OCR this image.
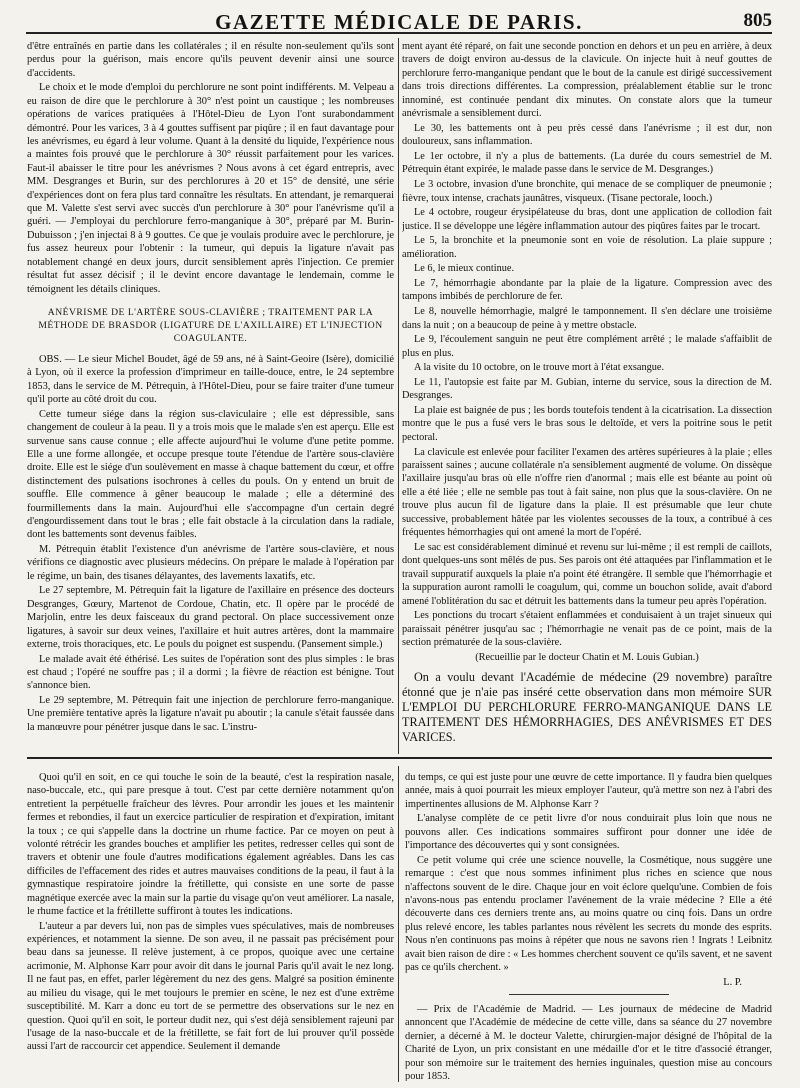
GAZETTE MÉDICALE DE PARIS.	805

d'être entraînés en partie dans les collatérales ; il en résulte non-seulement qu'ils sont perdus pour la guérison, mais encore qu'ils peuvent devenir ainsi une source d'accidents.

Le choix et le mode d'emploi du perchlorure ne sont point indifférents. M. Velpeau a eu raison de dire que le perchlorure à 30° n'est point un caustique ; les nombreuses opérations de varices pratiquées à l'Hôtel-Dieu de Lyon l'ont surabondamment démontré. Pour les varices, 3 à 4 gouttes suffisent par piqûre ; il en faut davantage pour les anévrismes, eu égard à leur volume. Quant à la densité du liquide, l'expérience nous a maintes fois prouvé que le perchlorure à 30° réussit parfaitement pour les varices. Faut-il abaisser le titre pour les anévrismes ? Nous avons à cet égard entrepris, avec MM. Desgranges et Burin, sur des perchlorures à 20 et 15° de densité, une série d'expériences dont on fera plus tard connaître les résultats. En attendant, je remarquerai que M. Valette s'est servi avec succès d'un perchlorure à 30° pour l'anévrisme qu'il a guéri. — J'employai du perchlorure ferro-manganique à 30°, préparé par M. Burin-Dubuisson ; j'en injectai 8 à 9 gouttes. Ce que je voulais produire avec le perchlorure, je fus assez heureux pour l'obtenir : la tumeur, qui depuis la ligature n'avait pas notablement changé en deux jours, durcit sensiblement après l'injection. Ce premier résultat fut assez décisif ; il le devint encore davantage le lendemain, comme le témoignent les détails cliniques.

ANÉVRISME DE L'ARTÈRE SOUS-CLAVIÈRE ; TRAITEMENT PAR LA MÉTHODE DE BRASDOR (LIGATURE DE L'AXILLAIRE) ET L'INJECTION COAGULANTE.

OBS. — Le sieur Michel Boudet, âgé de 59 ans, né à Saint-Geoire (Isère), domicilié à Lyon, où il exerce la profession d'imprimeur en taille-douce, entre, le 24 septembre 1853, dans le service de M. Pétrequin, à l'Hôtel-Dieu, pour se faire traiter d'une tumeur qu'il porte au côté droit du cou.

Cette tumeur siége dans la région sus-claviculaire ; elle est dépressible, sans changement de couleur à la peau. Il y a trois mois que le malade s'en est aperçu. Elle est survenue sans cause connue ; elle affecte aujourd'hui le volume d'une petite pomme. Elle a une forme allongée, et occupe presque toute l'étendue de l'artère sous-clavière droite. Elle est le siége d'un soulèvement en masse à chaque battement du cœur, et offre distinctement des pulsations isochrones à celles du pouls. On y entend un bruit de souffle. Elle commence à gêner beaucoup le malade ; elle a déterminé des fourmillements dans la main. Aujourd'hui elle s'accompagne d'un certain degré d'engourdissement dans tout le bras ; elle fait obstacle à la circulation dans la radiale, dont les battements sont devenus faibles.

M. Pétrequin établit l'existence d'un anévrisme de l'artère sous-clavière, et nous vérifions ce diagnostic avec plusieurs médecins. On prépare le malade à l'opération par le régime, un bain, des tisanes délayantes, des lavements laxatifs, etc.

Le 27 septembre, M. Pétrequin fait la ligature de l'axillaire en présence des docteurs Desgranges, Gœury, Martenot de Cordoue, Chatin, etc. Il opère par le procédé de Marjolin, entre les deux faisceaux du grand pectoral. On place successivement onze ligatures, à savoir sur deux veines, l'axillaire et huit autres artères, dont la mammaire externe, trois thoraciques, etc. Le pouls du poignet est suspendu. (Pansement simple.)

Le malade avait été éthérisé. Les suites de l'opération sont des plus simples : le bras est chaud ; l'opéré ne souffre pas ; il a dormi ; la fièvre de réaction est bénigne. Tout s'annonce bien.

Le 29 septembre, M. Pétrequin fait une injection de perchlorure ferro-manganique. Une première tentative après la ligature n'avait pu aboutir ; la canule s'était faussée dans la manœuvre pour pénétrer jusque dans le sac. L'instru-

ment ayant été réparé, on fait une seconde ponction en dehors et un peu en arrière, à deux travers de doigt environ au-dessus de la clavicule. On injecte huit à neuf gouttes de perchlorure ferro-manganique pendant que le bout de la canule est dirigé successivement dans trois directions différentes. La compression, préalablement établie sur le tronc innominé, est continuée pendant dix minutes. On constate alors que la tumeur anévrismale a sensiblement durci.

Le 30, les battements ont à peu près cessé dans l'anévrisme ; il est dur, non douloureux, sans inflammation.

Le 1er octobre, il n'y a plus de battements. (La durée du cours semestriel de M. Pétrequin étant expirée, le malade passe dans le service de M. Desgranges.)

Le 3 octobre, invasion d'une bronchite, qui menace de se compliquer de pneumonie ; fièvre, toux intense, crachats jaunâtres, visqueux. (Tisane pectorale, looch.)

Le 4 octobre, rougeur érysipélateuse du bras, dont une application de collodion fait justice. Il se développe une légère inflammation autour des piqûres faites par le trocart.

Le 5, la bronchite et la pneumonie sont en voie de résolution. La plaie suppure ; amélioration.

Le 6, le mieux continue.

Le 7, hémorrhagie abondante par la plaie de la ligature. Compression avec des tampons imbibés de perchlorure de fer.

Le 8, nouvelle hémorrhagie, malgré le tamponnement. Il s'en déclare une troisième dans la nuit ; on a beaucoup de peine à y mettre obstacle.

Le 9, l'écoulement sanguin ne peut être complément arrêté ; le malade s'affaiblit de plus en plus.

A la visite du 10 octobre, on le trouve mort à l'état exsangue.

Le 11, l'autopsie est faite par M. Gubian, interne du service, sous la direction de M. Desgranges.

La plaie est baignée de pus ; les bords toutefois tendent à la cicatrisation. La dissection montre que le pus a fusé vers le bras sous le deltoïde, et vers la poitrine sous le petit pectoral.

La clavicule est enlevée pour faciliter l'examen des artères supérieures à la plaie ; elles paraissent saines ; aucune collatérale n'a sensiblement augmenté de volume. On dissèque l'axillaire jusqu'au bras où elle n'offre rien d'anormal ; mais elle est béante au point où elle a été liée ; elle ne semble pas tout à fait saine, non plus que la sous-clavière. On ne trouve plus aucun fil de ligature dans la plaie. Il est présumable que leur chute successive, probablement hâtée par les violentes secousses de la toux, a contribué à ces fréquentes hémorrhagies qui ont amené la mort de l'opéré.

Le sac est considérablement diminué et revenu sur lui-même ; il est rempli de caillots, dont quelques-uns sont mêlés de pus. Ses parois ont été attaquées par l'inflammation et le travail suppuratif auxquels la plaie n'a point été étrangère. Il semble que l'hémorrhagie et la suppuration auront ramolli le coagulum, qui, comme un bouchon solide, avait d'abord amené l'oblitération du sac et détruit les battements dans la tumeur peu après l'opération.

Les ponctions du trocart s'étaient enflammées et conduisaient à un trajet sinueux qui paraissait pénétrer jusqu'au sac ; l'hémorrhagie ne venait pas de ce point, mais de la section prématurée de la sous-clavière.

(Recueillie par le docteur Chatin et M. Louis Gubian.)

On a voulu devant l'Académie de médecine (29 novembre) paraître étonné que je n'aie pas inséré cette observation dans mon mémoire SUR L'EMPLOI DU PERCHLORURE FERRO-MANGANIQUE DANS LE TRAITEMENT DES HÉMORRHAGIES, DES ANÉVRISMES ET DES VARICES.

Quoi qu'il en soit, en ce qui touche le soin de la beauté, c'est la respiration nasale, naso-buccale, etc., qui pare presque à tout. C'est par cette dernière notamment qu'on entretient la perpétuelle fraîcheur des lèvres. Pour arrondir les joues et les maintenir fermes et rebondies, il faut un exercice particulier de respiration et d'expiration, imitant la toux ; ce qui s'appelle dans la doctrine un rhume factice. Par ce moyen on peut à volonté rétrécir les grandes bouches et amplifier les petites, redresser celles qui sont de travers et obtenir une foule d'autres modifications également agréables. Dans les cas difficiles de l'effacement des rides et autres mauvaises conditions de la peau, il faut à la gymnastique respiratoire joindre la frétillette, qui consiste en une sorte de passe magnétique exercée avec la main sur la partie du visage qu'on veut améliorer. La nasale, le rhume factice et la frétillette suffiront à toutes les indications.

L'auteur a par devers lui, non pas de simples vues spéculatives, mais de nombreuses expériences, et notamment la sienne. De son aveu, il ne passait pas précisément pour beau dans sa jeunesse. Il relève justement, à ce propos, quoique avec une certaine acrimonie, M. Alphonse Karr pour avoir dit dans le journal Paris qu'il avait le nez long. Il ne faut pas, en effet, parler légèrement du nez des gens. Malgré sa position éminente au milieu du visage, qui le met toujours le premier en scène, le nez est d'une extrême susceptibilité. M. Karr a donc eu tort de se permettre des observations sur le nez en question. Quoi qu'il en soit, le porteur dudit nez, qui s'est déjà sensiblement rajeuni par l'usage de la naso-buccale et de la frétillette, se fait fort de lui prouver qu'il possède aussi l'art de raccourcir cet appendice. Seulement il demande

du temps, ce qui est juste pour une œuvre de cette importance. Il y faudra bien quelques année, mais à quoi pourrait les mieux employer l'auteur, qu'à mettre son nez à l'abri des impertinentes allusions de M. Alphonse Karr ?

L'analyse complète de ce petit livre d'or nous conduirait plus loin que nous ne pouvons aller. Ces indications sommaires suffiront pour donner une idée de l'importance des découvertes qui y sont consignées.

Ce petit volume qui crée une science nouvelle, la Cosmétique, nous suggère une remarque : c'est que nous sommes infiniment plus riches en science que nous n'affectons souvent de le dire. Chaque jour en voit éclore quelqu'une. Combien de fois n'avons-nous pas entendu proclamer l'avénement de la vraie médecine ? Elle a été découverte dans ces derniers trente ans, au moins quatre ou cinq fois. Dans un ordre plus relevé encore, les tables parlantes nous révèlent les secrets du monde des esprits. Nous n'en continuons pas moins à répéter que nous ne savons rien ! Ingrats ! Leibnitz avait bien raison de dire : « Les hommes cherchent souvent ce qu'ils savent, et ne savent pas ce qu'ils cherchent. »

L. P.

— Prix de l'Académie de Madrid. — Les journaux de médecine de Madrid annoncent que l'Académie de médecine de cette ville, dans sa séance du 27 novembre dernier, a décerné à M. le docteur Valette, chirurgien-major désigné de l'hôpital de la Charité de Lyon, un prix consistant en une médaille d'or et le titre d'associé étranger, pour son mémoire sur le traitement des hernies inguinales, question mise au concours pour 1853.
